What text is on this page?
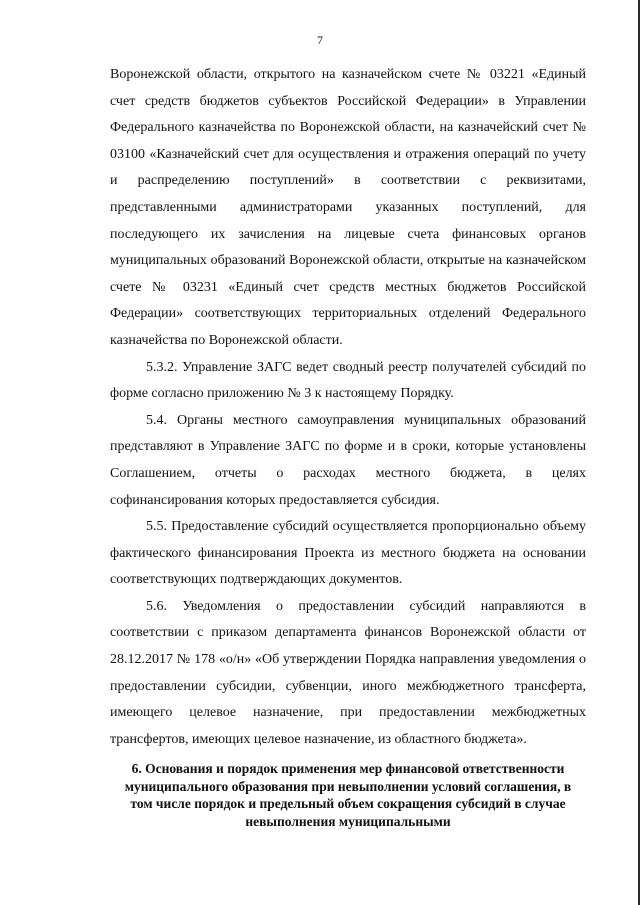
7

Воронежской области, открытого на казначейском счете № 03221 «Единый счет средств бюджетов субъектов Российской Федерации» в Управлении Федерального казначейства по Воронежской области, на казначейский счет № 03100 «Казначейский счет для осуществления и отражения операций по учету и распределению поступлений» в соответствии с реквизитами, представленными администраторами указанных поступлений, для последующего их зачисления на лицевые счета финансовых органов муниципальных образований Воронежской области, открытые на казначейском счете № 03231 «Единый счет средств местных бюджетов Российской Федерации» соответствующих территориальных отделений Федерального казначейства по Воронежской области.

5.3.2. Управление ЗАГС ведет сводный реестр получателей субсидий по форме согласно приложению № 3 к настоящему Порядку.

5.4. Органы местного самоуправления муниципальных образований представляют в Управление ЗАГС по форме и в сроки, которые установлены Соглашением, отчеты о расходах местного бюджета, в целях софинансирования которых предоставляется субсидия.

5.5. Предоставление субсидий осуществляется пропорционально объему фактического финансирования Проекта из местного бюджета на основании соответствующих подтверждающих документов.

5.6. Уведомления о предоставлении субсидий направляются в соответствии с приказом департамента финансов Воронежской области от 28.12.2017 № 178 «о/н» «Об утверждении Порядка направления уведомления о предоставлении субсидии, субвенции, иного межбюджетного трансферта, имеющего целевое назначение, при предоставлении межбюджетных трансфертов, имеющих целевое назначение, из областного бюджета».

6. Основания и порядок применения мер финансовой ответственности муниципального образования при невыполнении условий соглашения, в том числе порядок и предельный объем сокращения субсидий в случае невыполнения муниципальными
